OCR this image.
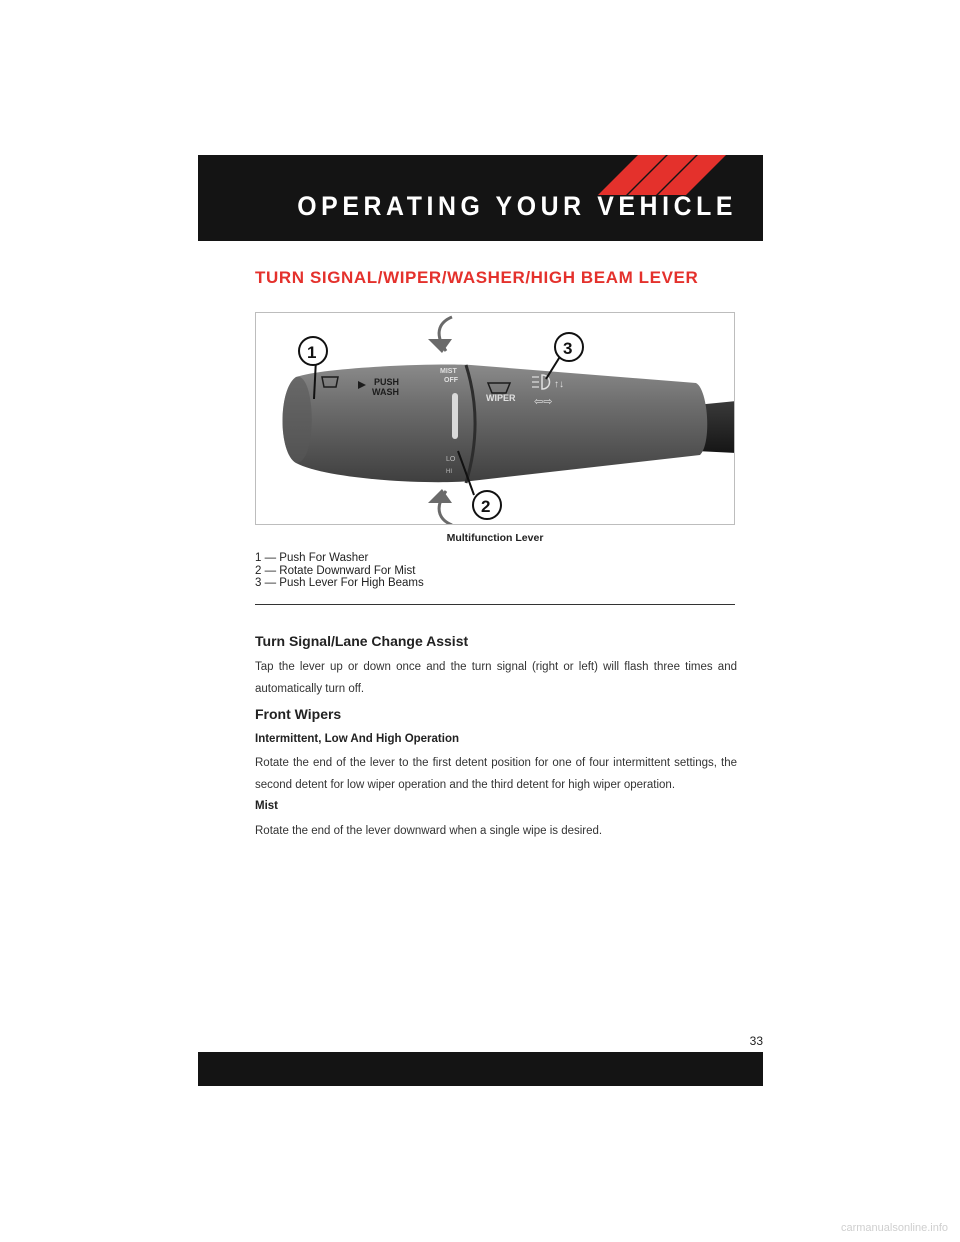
OPERATING YOUR VEHICLE
TURN SIGNAL/WIPER/WASHER/HIGH BEAM LEVER
PUSH
WASH
MIST
OFF
WIPER
↑↓
⇦⇨
LO
HI
1
2
3
Multifunction Lever
1 — Push For Washer
2 — Rotate Downward For Mist
3 — Push Lever For High Beams
Turn Signal/Lane Change Assist

Tap the lever up or down once and the turn signal (right or left) will flash three times and automatically turn off.

Front Wipers
Intermittent, Low And High Operation

Rotate the end of the lever to the first detent position for one of four intermittent settings, the second detent for low wiper operation and the third detent for high wiper operation.

Mist

Rotate the end of the lever downward when a single wipe is desired.

33
carmanualsonline.info
